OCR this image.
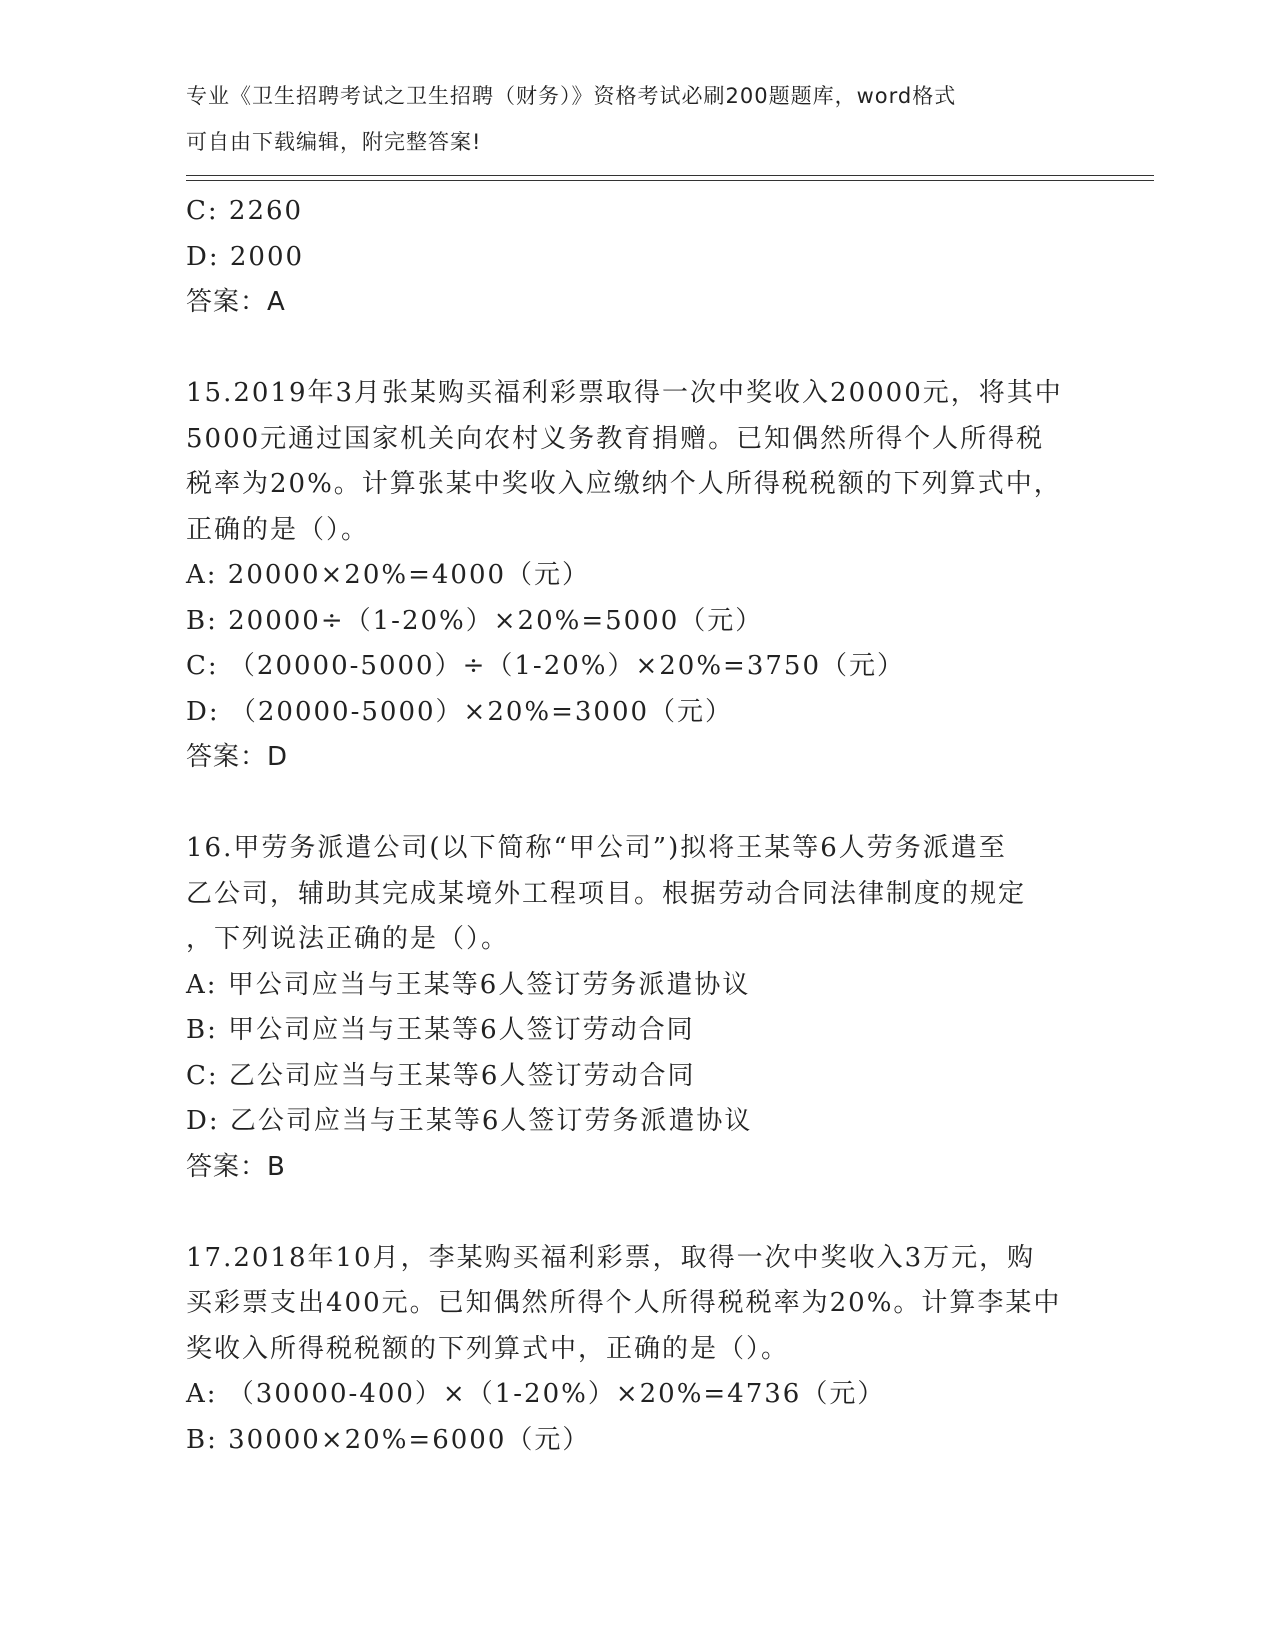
专业《卫生招聘考试之卫生招聘（财务）》资格考试必刷200题题库，word格式
可自由下载编辑，附完整答案!
C: 2260
D: 2000
答案：A
15.2019年3月张某购买福利彩票取得一次中奖收入20000元，将其中
5000元通过国家机关向农村义务教育捐赠。已知偶然所得个人所得税
税率为20%。计算张某中奖收入应缴纳个人所得税税额的下列算式中，
正确的是（）。
A: 20000×20%=4000（元）
B: 20000÷（1-20%）×20%=5000（元）
C: （20000-5000）÷（1-20%）×20%=3750（元）
D: （20000-5000）×20%=3000（元）
答案：D
16.甲劳务派遣公司(以下简称“甲公司”)拟将王某等6人劳务派遣至
乙公司，辅助其完成某境外工程项目。根据劳动合同法律制度的规定
，下列说法正确的是（）。
A: 甲公司应当与王某等6人签订劳务派遣协议
B: 甲公司应当与王某等6人签订劳动合同
C: 乙公司应当与王某等6人签订劳动合同
D: 乙公司应当与王某等6人签订劳务派遣协议
答案：B
17.2018年10月，李某购买福利彩票，取得一次中奖收入3万元，购
买彩票支出400元。已知偶然所得个人所得税税率为20%。计算李某中
奖收入所得税税额的下列算式中，正确的是（）。
A: （30000-400）×（1-20%）×20%=4736（元）
B: 30000×20%=6000（元）
